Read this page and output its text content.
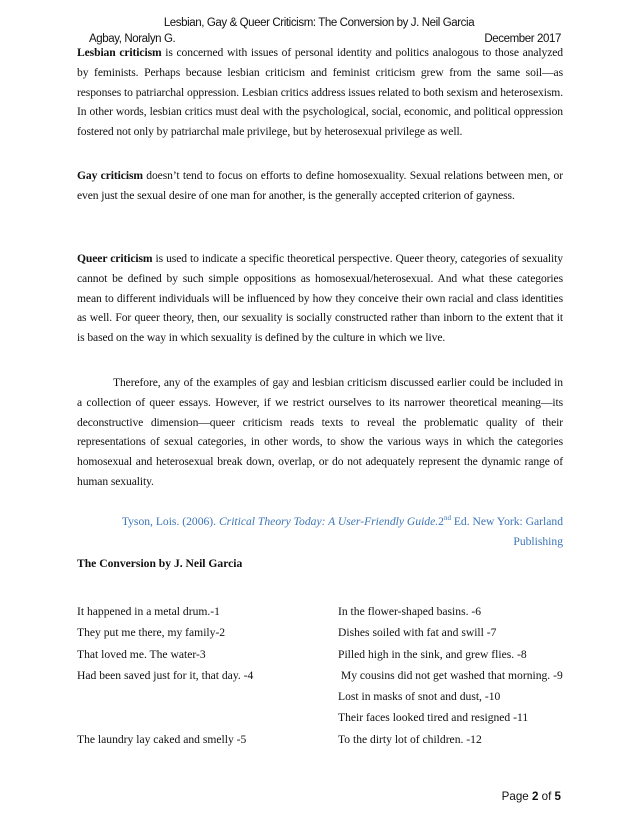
Lesbian, Gay & Queer Criticism: The Conversion by J. Neil Garcia
Agbay, Noralyn G.	December 2017
Lesbian criticism is concerned with issues of personal identity and politics analogous to those analyzed by feminists. Perhaps because lesbian criticism and feminist criticism grew from the same soil—as responses to patriarchal oppression. Lesbian critics address issues related to both sexism and heterosexism. In other words, lesbian critics must deal with the psychological, social, economic, and political oppression fostered not only by patriarchal male privilege, but by heterosexual privilege as well.
Gay criticism doesn’t tend to focus on efforts to define homosexuality. Sexual relations between men, or even just the sexual desire of one man for another, is the generally accepted criterion of gayness.
Queer criticism is used to indicate a specific theoretical perspective. Queer theory, categories of sexuality cannot be defined by such simple oppositions as homosexual/heterosexual. And what these categories mean to different individuals will be influenced by how they conceive their own racial and class identities as well. For queer theory, then, our sexuality is socially constructed rather than inborn to the extent that it is based on the way in which sexuality is defined by the culture in which we live.
Therefore, any of the examples of gay and lesbian criticism discussed earlier could be included in a collection of queer essays. However, if we restrict ourselves to its narrower theoretical meaning—its deconstructive dimension—queer criticism reads texts to reveal the problematic quality of their representations of sexual categories, in other words, to show the various ways in which the categories homosexual and heterosexual break down, overlap, or do not adequately represent the dynamic range of human sexuality.
Tyson, Lois. (2006). Critical Theory Today: A User-Friendly Guide.2nd Ed. New York: Garland
Publishing
The Conversion by J. Neil Garcia
It happened in a metal drum.-1
They put me there, my family-2
That loved me. The water-3
Had been saved just for it, that day. -4
The laundry lay caked and smelly -5
In the flower-shaped basins. -6
Dishes soiled with fat and swill -7
Pilled high in the sink, and grew flies. -8
My cousins did not get washed that morning. -9
Lost in masks of snot and dust, -10
Their faces looked tired and resigned -11
To the dirty lot of children. -12
Page 2 of 5
